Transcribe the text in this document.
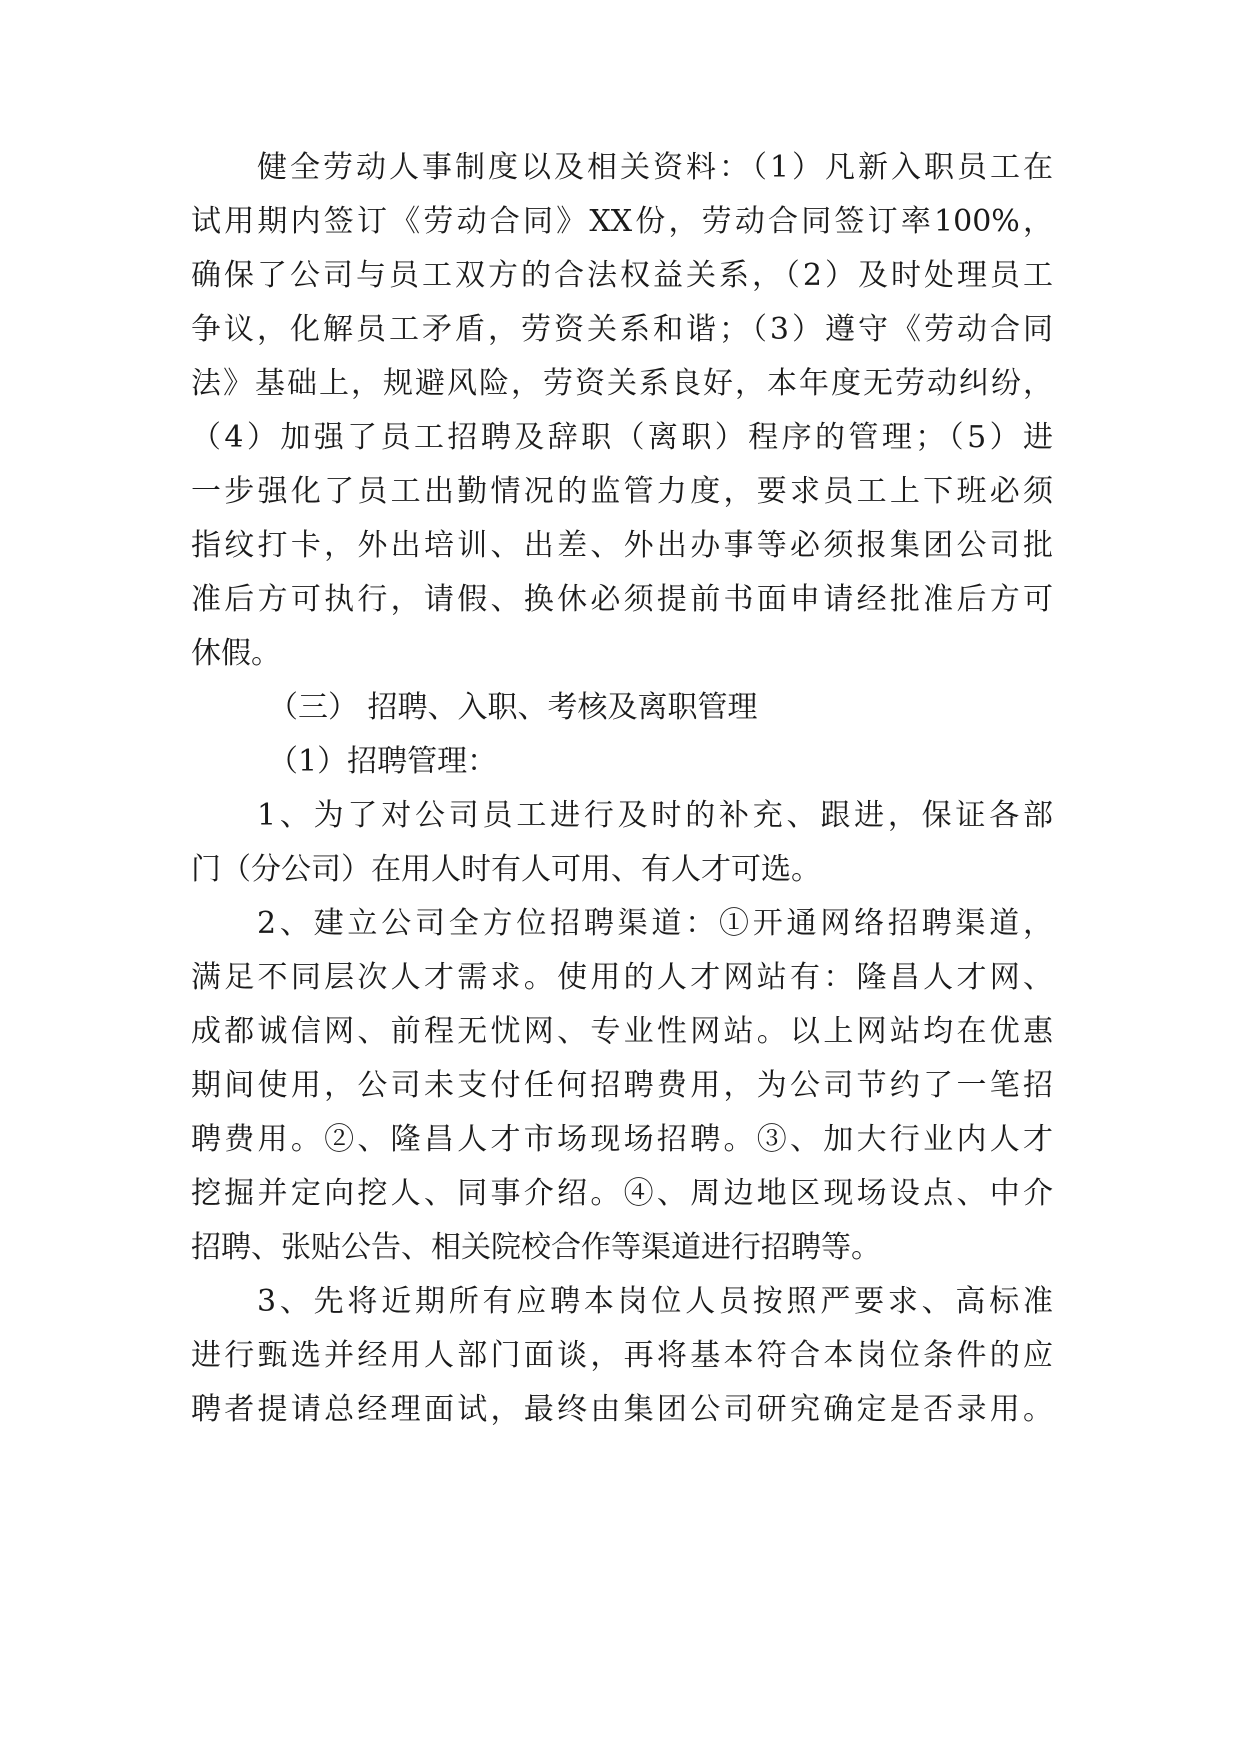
健全劳动人事制度以及相关资料：（1）凡新入职员工在
试用期内签订《劳动合同》XX份，劳动合同签订率100%，
确保了公司与员工双方的合法权益关系，（2）及时处理员工
争议，化解员工矛盾，劳资关系和谐；（3）遵守《劳动合同
法》基础上，规避风险，劳资关系良好，本年度无劳动纠纷，
（4）加强了员工招聘及辞职（离职）程序的管理；（5）进
一步强化了员工出勤情况的监管力度，要求员工上下班必须
指纹打卡，外出培训、出差、外出办事等必须报集团公司批
准后方可执行，请假、换休必须提前书面申请经批准后方可
休假。
（三） 招聘、入职、考核及离职管理
（1）招聘管理：
1、为了对公司员工进行及时的补充、跟进，保证各部
门（分公司）在用人时有人可用、有人才可选。
2、建立公司全方位招聘渠道：①开通网络招聘渠道，
满足不同层次人才需求。使用的人才网站有：隆昌人才网、
成都诚信网、前程无忧网、专业性网站。以上网站均在优惠
期间使用，公司未支付任何招聘费用，为公司节约了一笔招
聘费用。②、隆昌人才市场现场招聘。③、加大行业内人才
挖掘并定向挖人、同事介绍。④、周边地区现场设点、中介
招聘、张贴公告、相关院校合作等渠道进行招聘等。
3、先将近期所有应聘本岗位人员按照严要求、高标准
进行甄选并经用人部门面谈，再将基本符合本岗位条件的应
聘者提请总经理面试，最终由集团公司研究确定是否录用。
